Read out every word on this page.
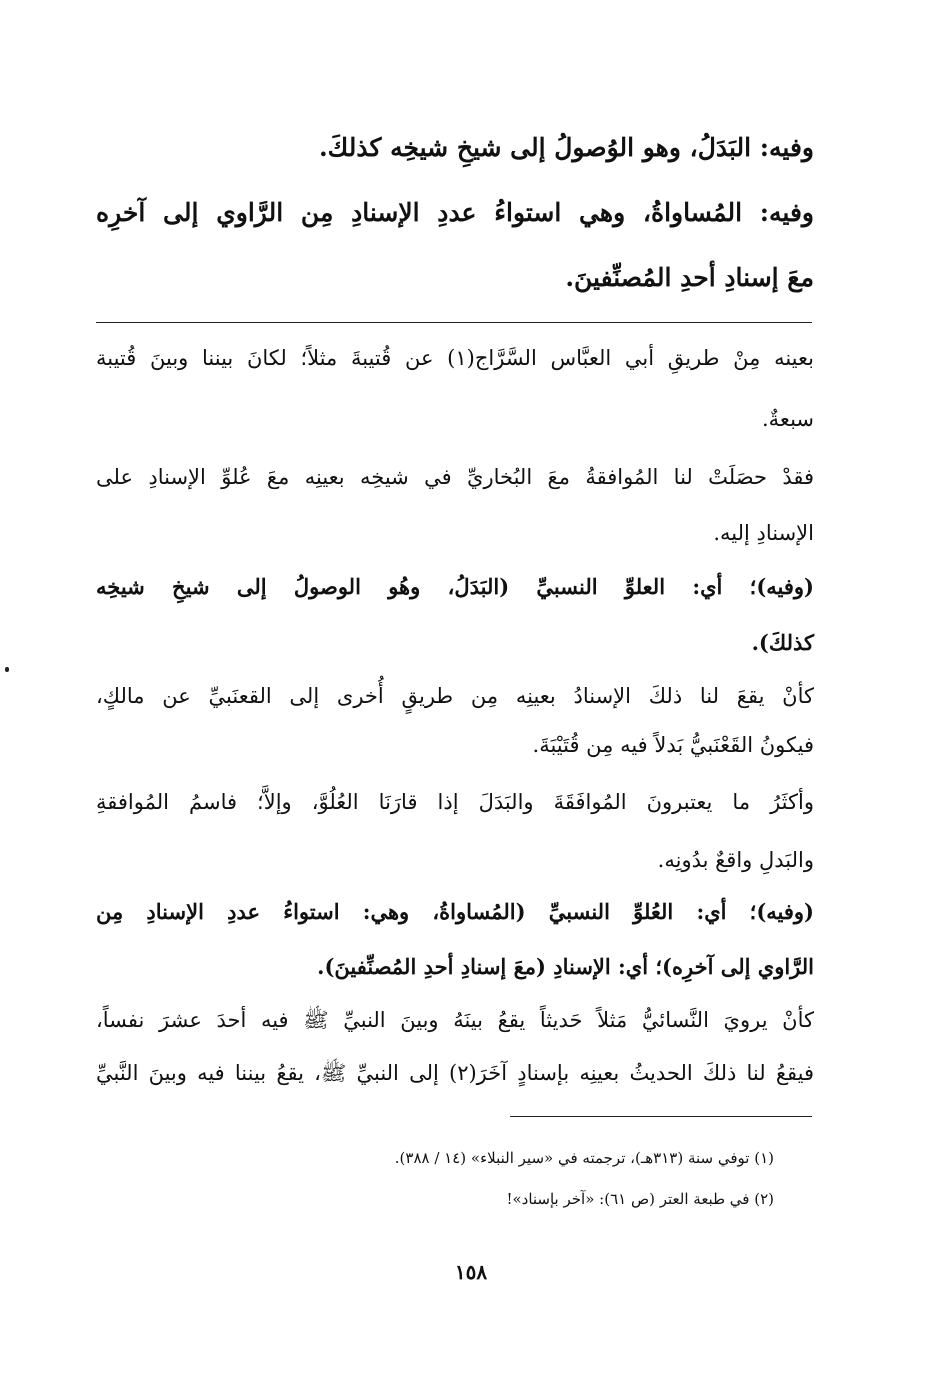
وفيه: البَدَلُ، وهو الوُصولُ إلى شيخِ شيخِه كذلكَ.
وفيه: المُساواةُ، وهي استواءُ عددِ الإسنادِ مِن الرَّاوي إلى آخرِه
معَ إسنادِ أحدِ المُصنِّفينَ.
بعينه مِنْ طريقِ أبي العبَّاس السَّرَّاج(١) عن قُتيبةَ مثلاً؛ لكانَ بيننا وبينَ قُتيبة
سبعةٌ.
فقدْ حصَلَتْ لنا المُوافقةُ معَ البُخاريِّ في شيخِه بعينِه معَ عُلوِّ الإسنادِ على
الإسنادِ إليه.
(وفيه)؛ أي: العلوِّ النسبيِّ (البَدَلُ، وهُو الوصولُ إلى شيخِ شيخِه
كذلكَ).
كأنْ يقعَ لنا ذلكَ الإسنادُ بعينِه مِن طريقٍ أُخرى إلى القعنَبيِّ عن مالكٍ،
فيكونُ القَعْنَبيُّ بَدلاً فيه مِن قُتَيْبَةَ.
وأكثَرُ ما يعتبرونَ المُوافَقَةَ والبَدَلَ إذا قارَنَا العُلُوَّ، وإلاَّ؛ فاسمُ المُوافقةِ
والبَدلِ واقعٌ بدُونِه.
(وفيه)؛ أي: العُلوِّ النسبيِّ (المُساواةُ، وهي: استواءُ عددِ الإسنادِ مِن
الرَّاوي إلى آخرِه)؛ أي: الإسنادِ (معَ إسنادِ أحدِ المُصنِّفينَ).
كأنْ يرويَ النَّسائيُّ مَثلاً حَديثاً يقعُ بينَهُ وبينَ النبيِّ ﷺ فيه أحدَ عشرَ نفساً،
فيقعُ لنا ذلكَ الحديثُ بعينِه بإسنادٍ آخَرَ(٢) إلى النبيِّ ﷺ، يقعُ بيننا فيه وبينَ النَّبيِّ
(١) توفي سنة (٣١٣هـ)، ترجمته في «سير النبلاء» (١٤ / ٣٨٨).
(٢) في طبعة العتر (ص ٦١): «آخر بإسناد»!
١٥٨
